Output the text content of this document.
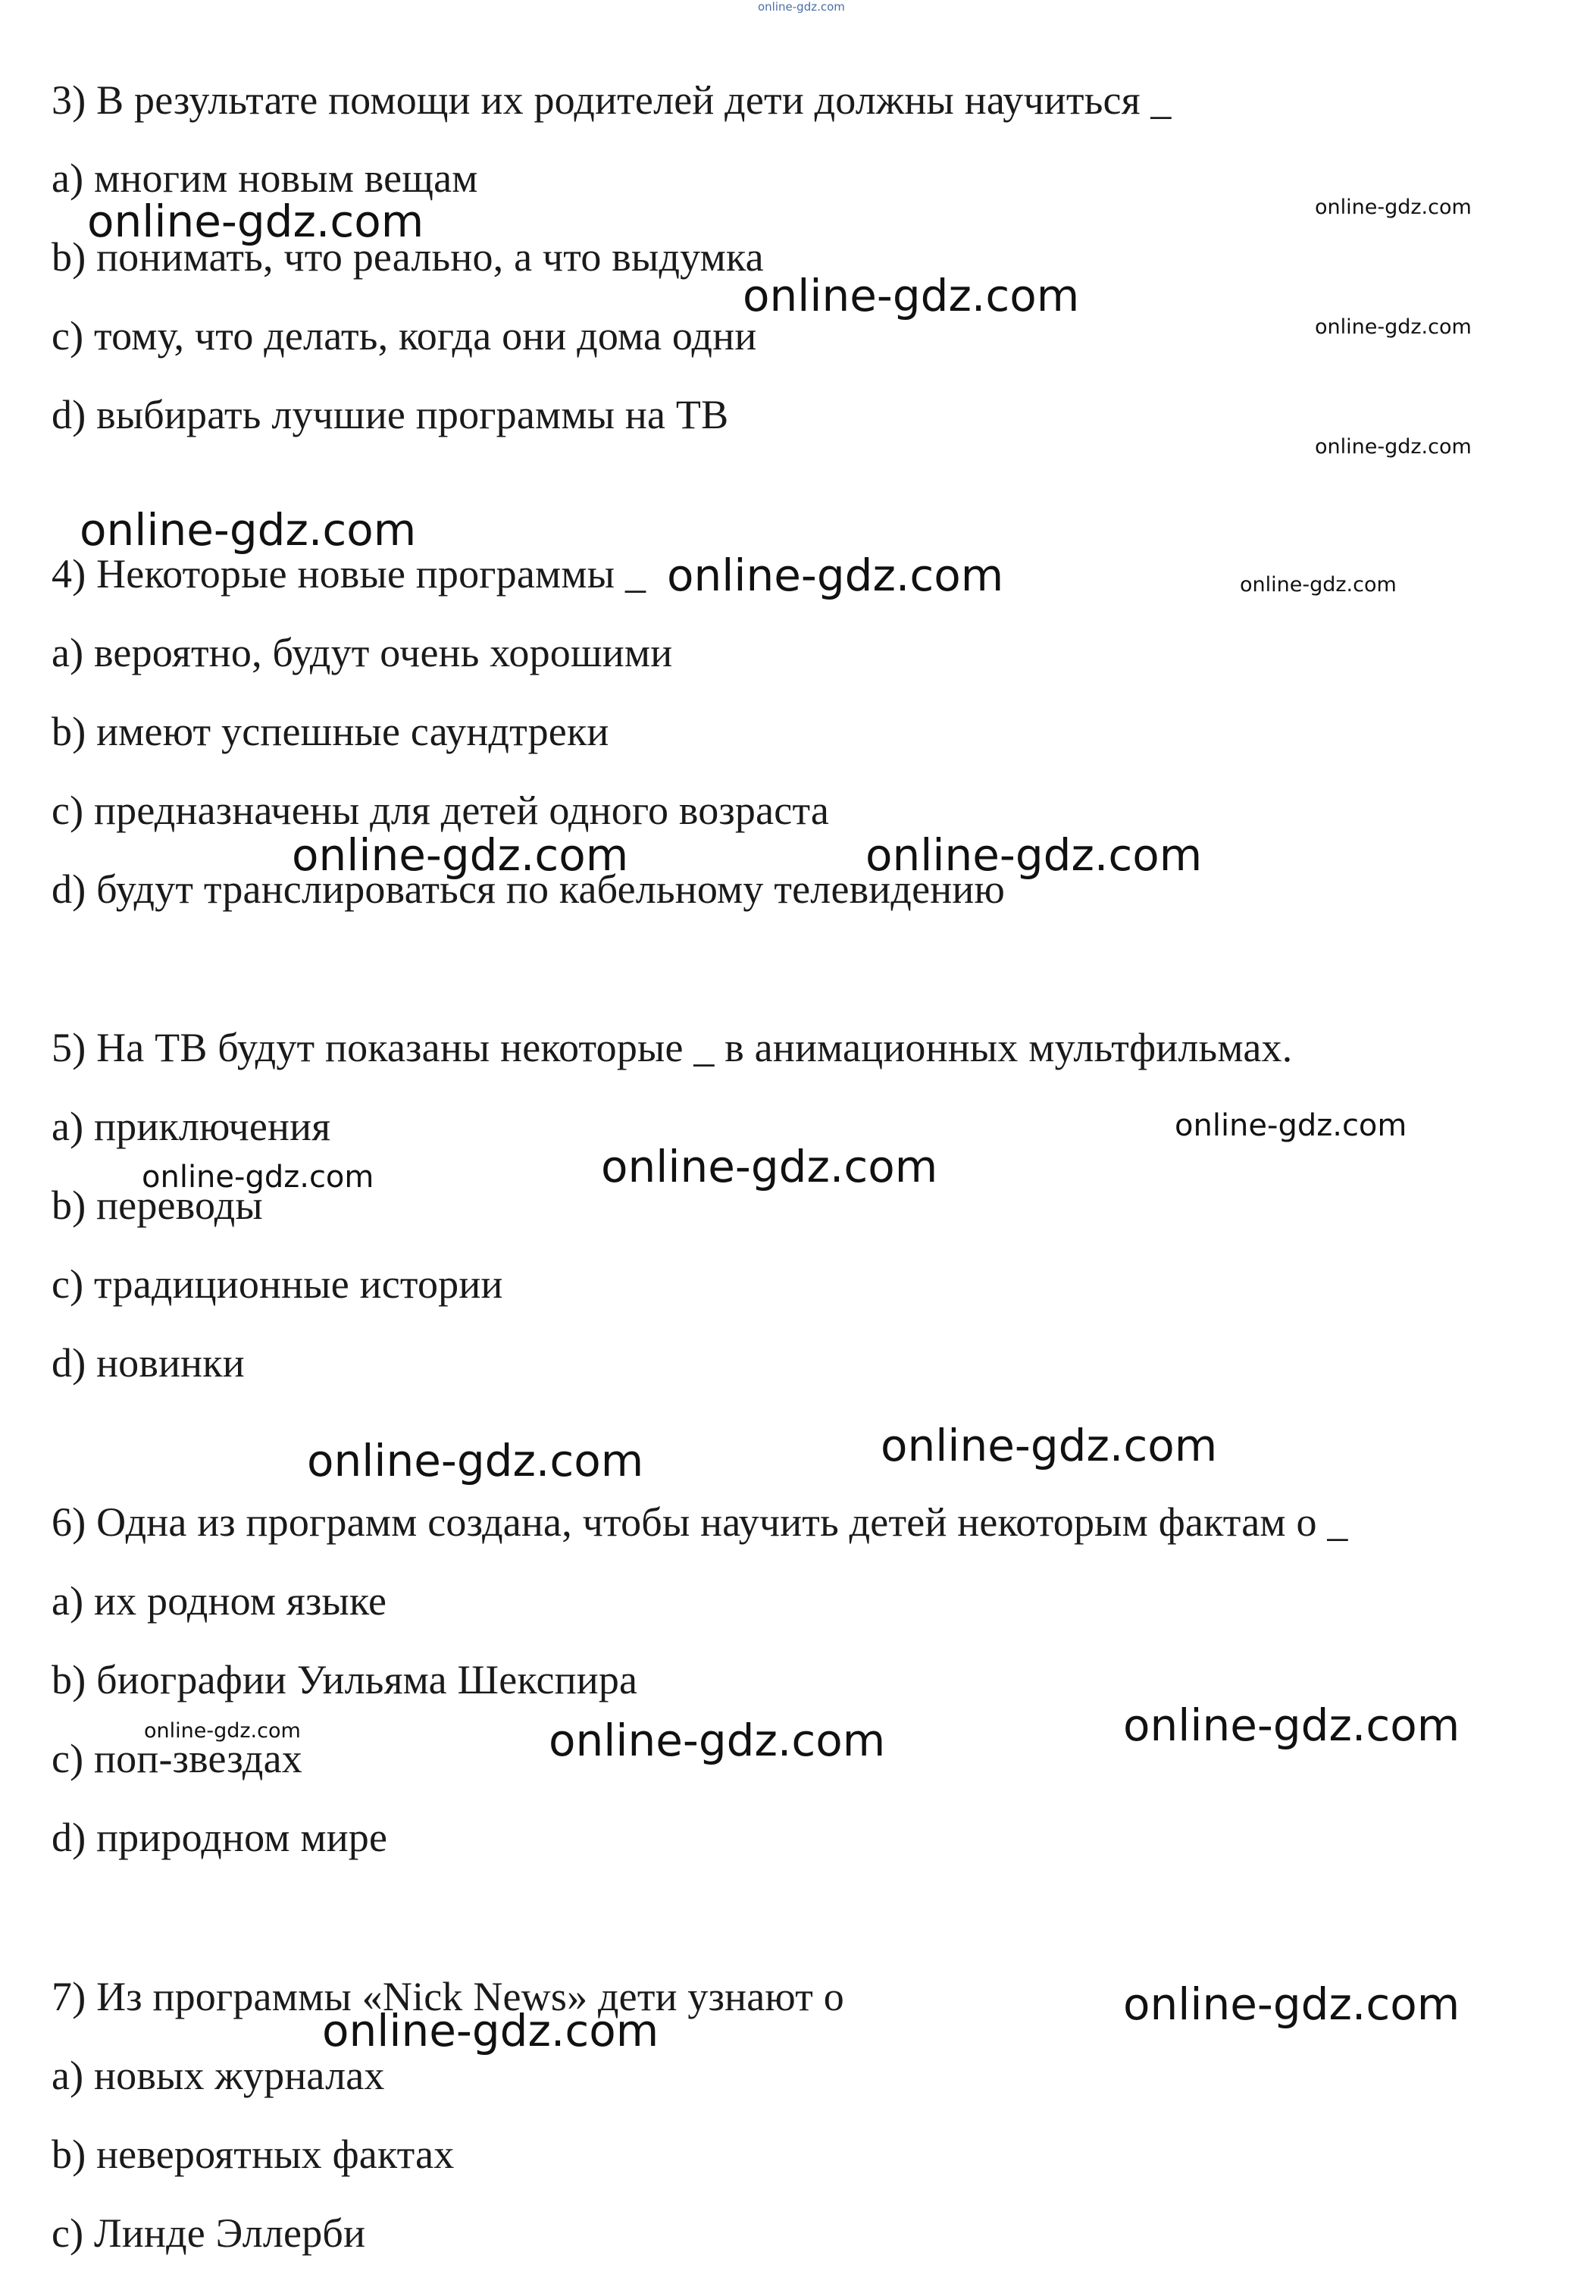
online-gdz.com
3) В результате помощи их родителей дети должны научиться _
a) многим новым вещам
b) понимать, что реально, а что выдумка
c) тому, что делать, когда они дома одни
d) выбирать лучшие программы на ТВ
4) Некоторые новые программы _
a) вероятно, будут очень хорошими
b) имеют успешные саундтреки
c) предназначены для детей одного возраста
d) будут транслироваться по кабельному телевидению
5) На ТВ будут показаны некоторые _ в анимационных мультфильмах.
a) приключения
b) переводы
c) традиционные истории
d) новинки
6) Одна из программ создана, чтобы научить детей некоторым фактам о _
a) их родном языке
b) биографии Уильяма Шекспира
c) поп-звездах
d) природном мире
7) Из программы «Nick News» дети узнают о
a) новых журналах
b) невероятных фактах
c) Линде Эллерби
online-gdz.com	online-gdz.com
online-gdz.com
online-gdz.com
online-gdz.com
online-gdz.com
online-gdz.com	online-gdz.com
online-gdz.com	online-gdz.com
online-gdz.com
online-gdz.com
online-gdz.com
online-gdz.com
online-gdz.com
online-gdz.com
online-gdz.com	online-gdz.com
online-gdz.com
online-gdz.com
